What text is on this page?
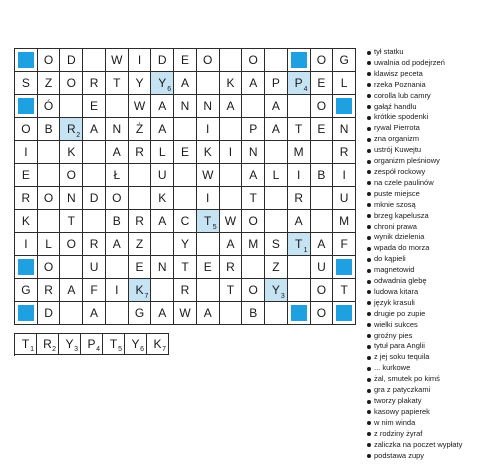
O D	W I D E O	O	O G
S Z O R T Y Y 6 A	K A P P 4 E L
Ó	E	W A N N A	A	O
O B R 2 A N Ż A	I	P A T E N
I	K	A R L E K I N	M	R
E	O	Ł	U	W	A L I B I
R O N D O	K	I	T	R	U
K	T	B R A C T 5 W O	A	M
I L O R A Z	Y	A M S T 1 A F
O	U	E N T E R	Z	U
G R A F I K 7	R	T O Y 3	O T
D	A	G A W A	B	O
T 1 R 2 Y 3 P 4 T 5 Y 6 K 7
tył statku
uwalnia od podejrzeń
klawisz peceta
rzeka Poznania
corolla lub camry
gałąź handlu
krótkie spodenki
rywal Pierrota
zna organizm
ustrój Kuwejtu
organizm pleśniowy
zespół rockowy
na czele paulinów
puste miejsce
mknie szosą
brzeg kapelusza
chroni prawa
wynik dzielenia
wpada do morza
do kąpieli
magnetowid
odwadnia glebę
ludowa kitara
język krasuli
drugie po zupie
wielki sukces
groźny pies
tytuł para Anglii
z jej soku tequila
... kurkowe
żal, smutek po kimś
gra z patyczkami
tworzy plakaty
kasowy papierek
w nim winda
z rodziny żyraf
zaliczka na poczet wypłaty
podstawa zupy
